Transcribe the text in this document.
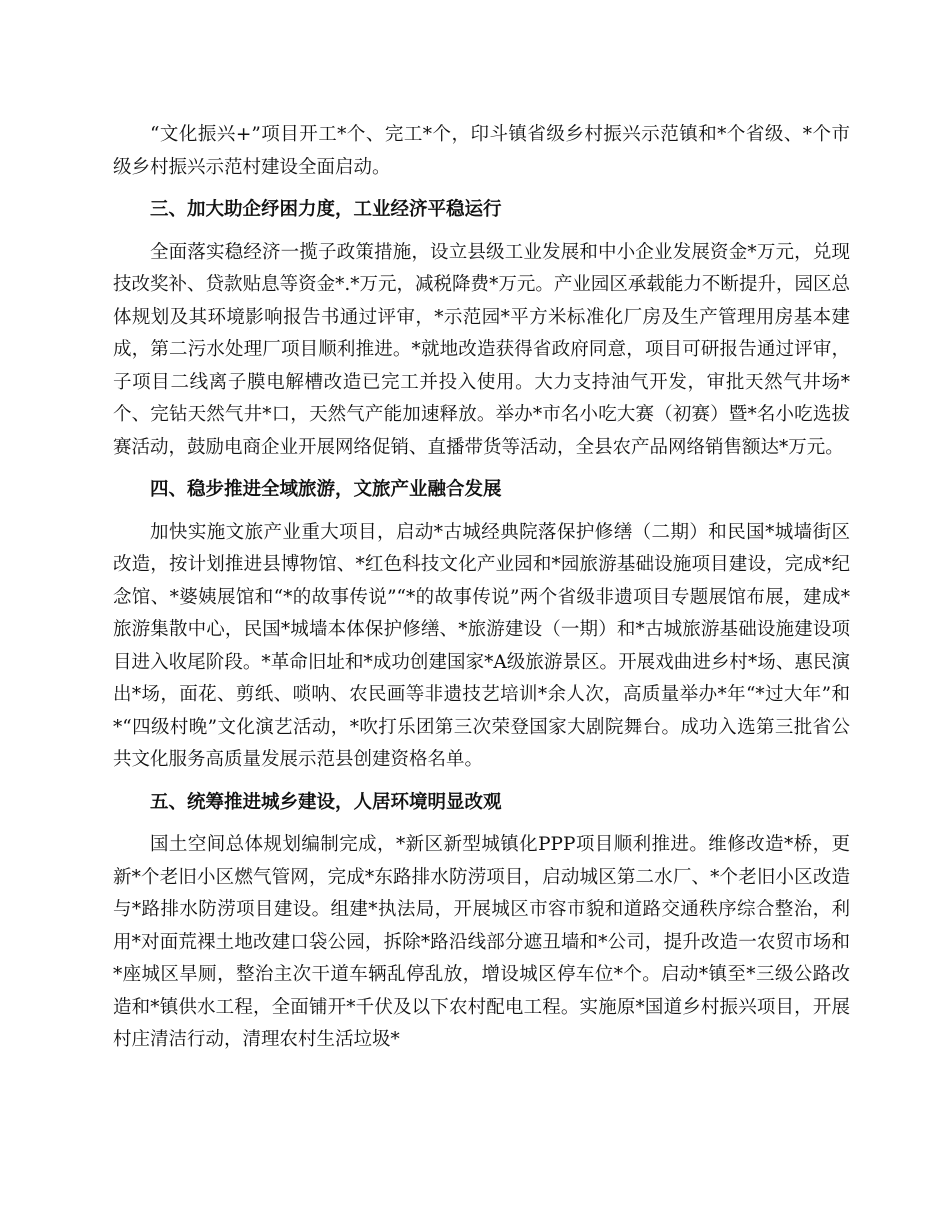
“文化振兴+”项目开工*个、完工*个，印斗镇省级乡村振兴示范镇和*个省级、*个市级乡村振兴示范村建设全面启动。

三、加大助企纾困力度，工业经济平稳运行

全面落实稳经济一揽子政策措施，设立县级工业发展和中小企业发展资金*万元，兑现技改奖补、贷款贴息等资金*.*万元，减税降费*万元。产业园区承载能力不断提升，园区总体规划及其环境影响报告书通过评审，*示范园*平方米标准化厂房及生产管理用房基本建成，第二污水处理厂项目顺利推进。*就地改造获得省政府同意，项目可研报告通过评审，子项目二线离子膜电解槽改造已完工并投入使用。大力支持油气开发，审批天然气井场*个、完钻天然气井*口，天然气产能加速释放。举办*市名小吃大赛（初赛）暨*名小吃选拔赛活动，鼓励电商企业开展网络促销、直播带货等活动，全县农产品网络销售额达*万元。

四、稳步推进全域旅游，文旅产业融合发展

加快实施文旅产业重大项目，启动*古城经典院落保护修缮（二期）和民国*城墙街区改造，按计划推进县博物馆、*红色科技文化产业园和*园旅游基础设施项目建设，完成*纪念馆、*婆姨展馆和“*的故事传说”“*的故事传说”两个省级非遗项目专题展馆布展，建成*旅游集散中心，民国*城墙本体保护修缮、*旅游建设（一期）和*古城旅游基础设施建设项目进入收尾阶段。*革命旧址和*成功创建国家*A级旅游景区。开展戏曲进乡村*场、惠民演出*场，面花、剪纸、唢呐、农民画等非遗技艺培训*余人次，高质量举办*年“*过大年”和*“四级村晚”文化演艺活动，*吹打乐团第三次荣登国家大剧院舞台。成功入选第三批省公共文化服务高质量发展示范县创建资格名单。

五、统筹推进城乡建设，人居环境明显改观

国土空间总体规划编制完成，*新区新型城镇化PPP项目顺利推进。维修改造*桥，更新*个老旧小区燃气管网，完成*东路排水防涝项目，启动城区第二水厂、*个老旧小区改造与*路排水防涝项目建设。组建*执法局，开展城区市容市貌和道路交通秩序综合整治，利用*对面荒裸土地改建口袋公园，拆除*路沿线部分遮丑墙和*公司，提升改造一农贸市场和*座城区旱厕，整治主次干道车辆乱停乱放，增设城区停车位*个。启动*镇至*三级公路改造和*镇供水工程，全面铺开*千伏及以下农村配电工程。实施原*国道乡村振兴项目，开展村庄清洁行动，清理农村生活垃圾*
